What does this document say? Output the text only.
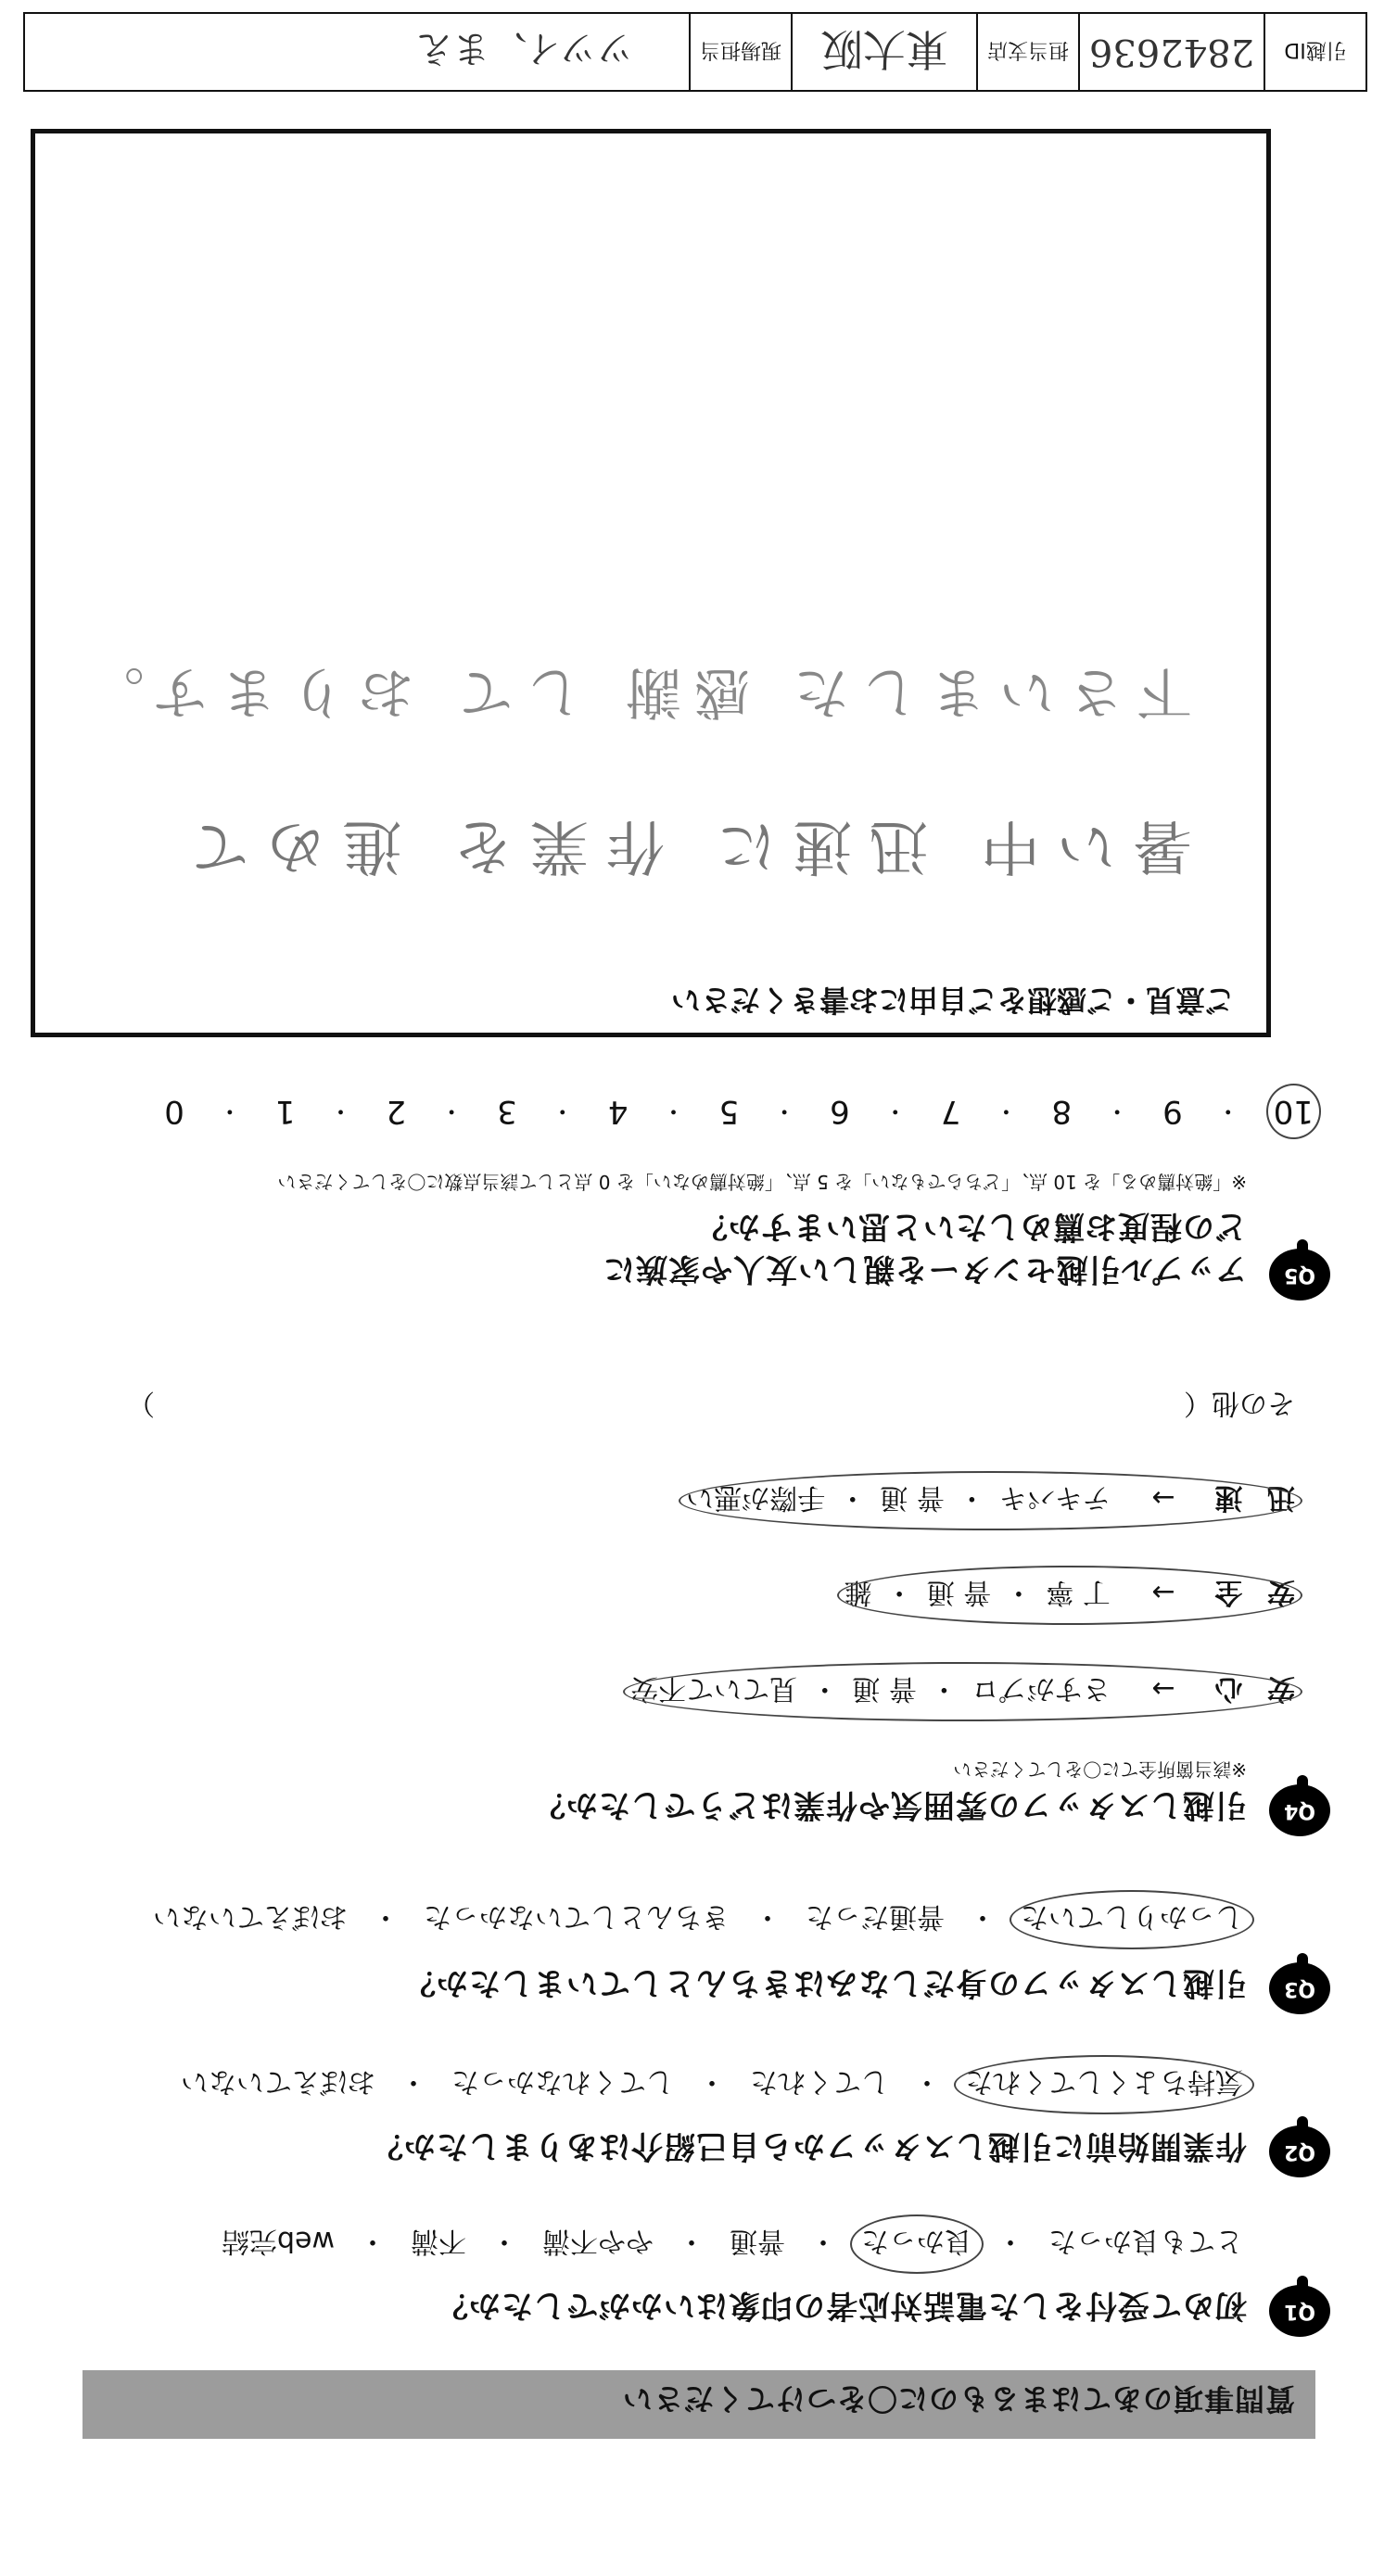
質問事項のあてはまるものに〇をつけてください
Q1
初めて受付をした電話対応者の印象はいかがでしたか？
とても良かった
・
良かった
・
普通
・
やや不満
・
不満
・
web完結
Q2
作業開始前に引越しスタッフから自己紹介はありましたか？
気持ちよくしてくれた
・
してくれた
・
してくれなかった
・
おぼえていない
Q3
引越しスタッフの身だしなみはきちんとしていましたか？
しっかりしていた
・
普通だった
・
きちんとしていなかった
・
おぼえていない
Q4
引越しスタッフの雰囲気や作業はどうでしたか？
※該当箇所全てに〇をしてください
安 心 → さすがプロ ・ 普 通 ・ 見ていて不安
安 全 → 丁 寧 ・ 普 通 ・ 雑
迅 速 → テキパキ ・ 普 通 ・ 手際が悪い
その他（
）
Q5
アップル引越センターを親しい友人や家族に
どの程度お薦めしたいと思いますか？
※「絶対薦める」を 10 点、「どちらでもない」を 5 点、「絶対薦めない」を 0 点として該当点数に〇をしてください
10
・
9
・
8
・
7
・
6
・
5
・
4
・
3
・
2
・
1
・
0
ご意見・ご感想をご自由にお書きください
暑い中 迅速に 作業を 進めて
下さいました 感謝 して おります。
引越ID
2842636
担当支店
東大阪
現場担当
ツツイ、まえ
